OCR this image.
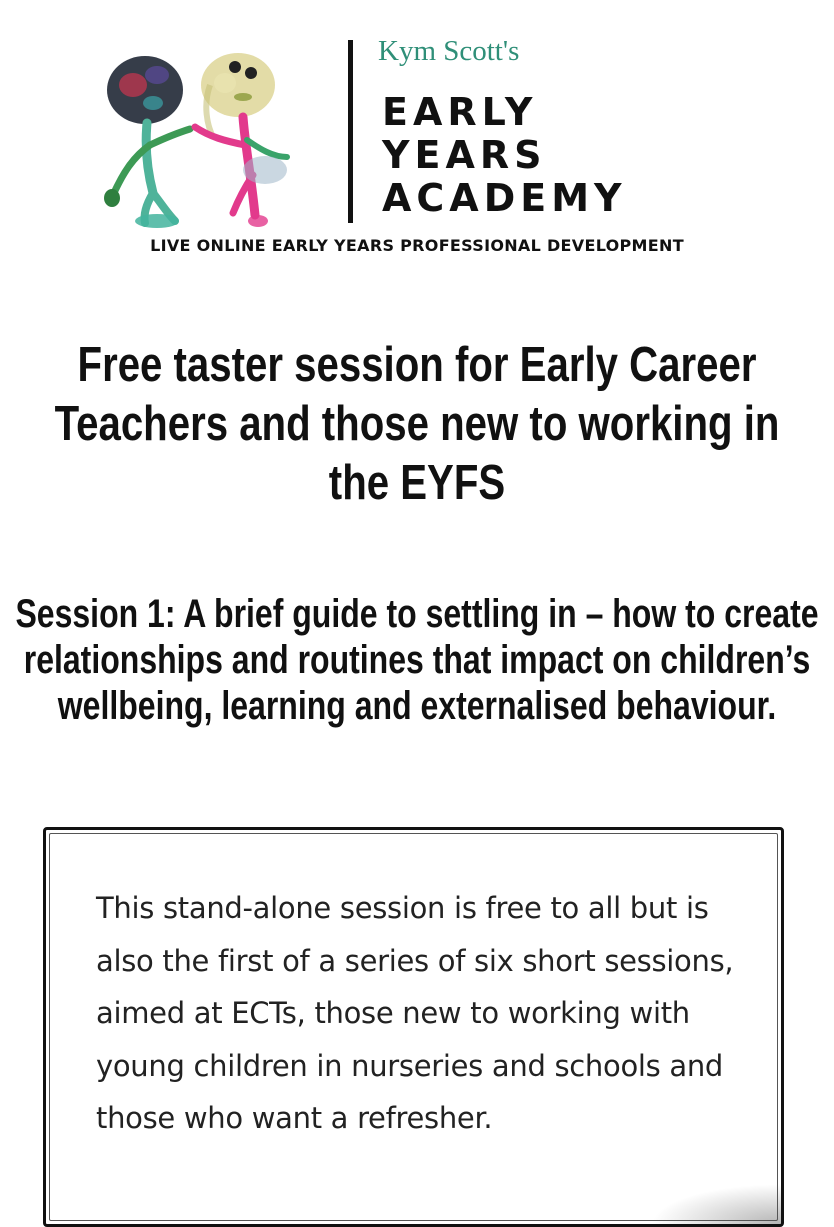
Kym Scott's
EARLY
YEARS
ACADEMY
LIVE ONLINE EARLY YEARS PROFESSIONAL DEVELOPMENT
Free taster session for Early Career Teachers and those new to working in the EYFS
Session 1: A brief guide to settling in – how to create relationships and routines that impact on children’s wellbeing, learning and externalised behaviour.

This stand-alone session is free to all but is also the first of a series of six short sessions, aimed at ECTs, those new to working with young children in nurseries and schools and those who want a refresher.
